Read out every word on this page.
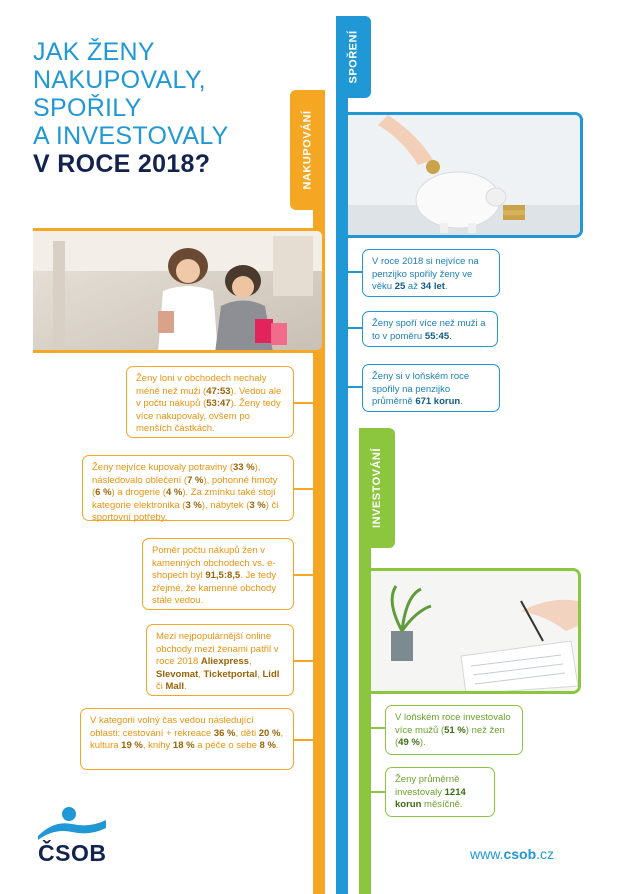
JAK ŽENY
NAKUPOVALY,
SPOŘILY
A INVESTOVALY
V ROCE 2018?	NAKUPOVÁNÍ
SPOŘENÍ
INVESTOVÁNÍ
Ženy loni v obchodech nechaly méně než muži (47:53). Vedou ale v počtu nákupů (53:47). Ženy tedy více nakupovaly, ovšem po menších částkách.
Ženy nejvíce kupovaly potraviny (33 %), následovalo oblečení (7 %), pohonné hmoty (6 %) a drogerie (4 %). Za zmínku také stojí kategorie elektronika (3 %), nábytek (3 %) či sportovní potřeby.
Poměr počtu nákupů žen v kamenných obchodech vs. e-shopech byl 91,5:8,5. Je tedy zřejmé, že kamenné obchody stále vedou.
Mezi nejpopulárnější online obchody mezi ženami patřil v roce 2018 Aliexpress, Slevomat, Ticketportal, Lidl či Mall.
V kategorii volný čas vedou následující oblasti: cestování + rekreace 36 %, děti 20 %, kultura 19 %, knihy 18 % a péče o sebe 8 %.
V roce 2018 si nejvíce na penzijko spořily ženy ve věku 25 až 34 let.
Ženy spoří více než muži a to v poměru 55:45.
Ženy si v loňském roce spořily na penzijko průměrně 671 korun.
V loňském roce investovalo více mužů (51 %) než žen (49 %).
Ženy průměrně investovaly 1214 korun měsíčně.
ČSOB	www.csob.cz
